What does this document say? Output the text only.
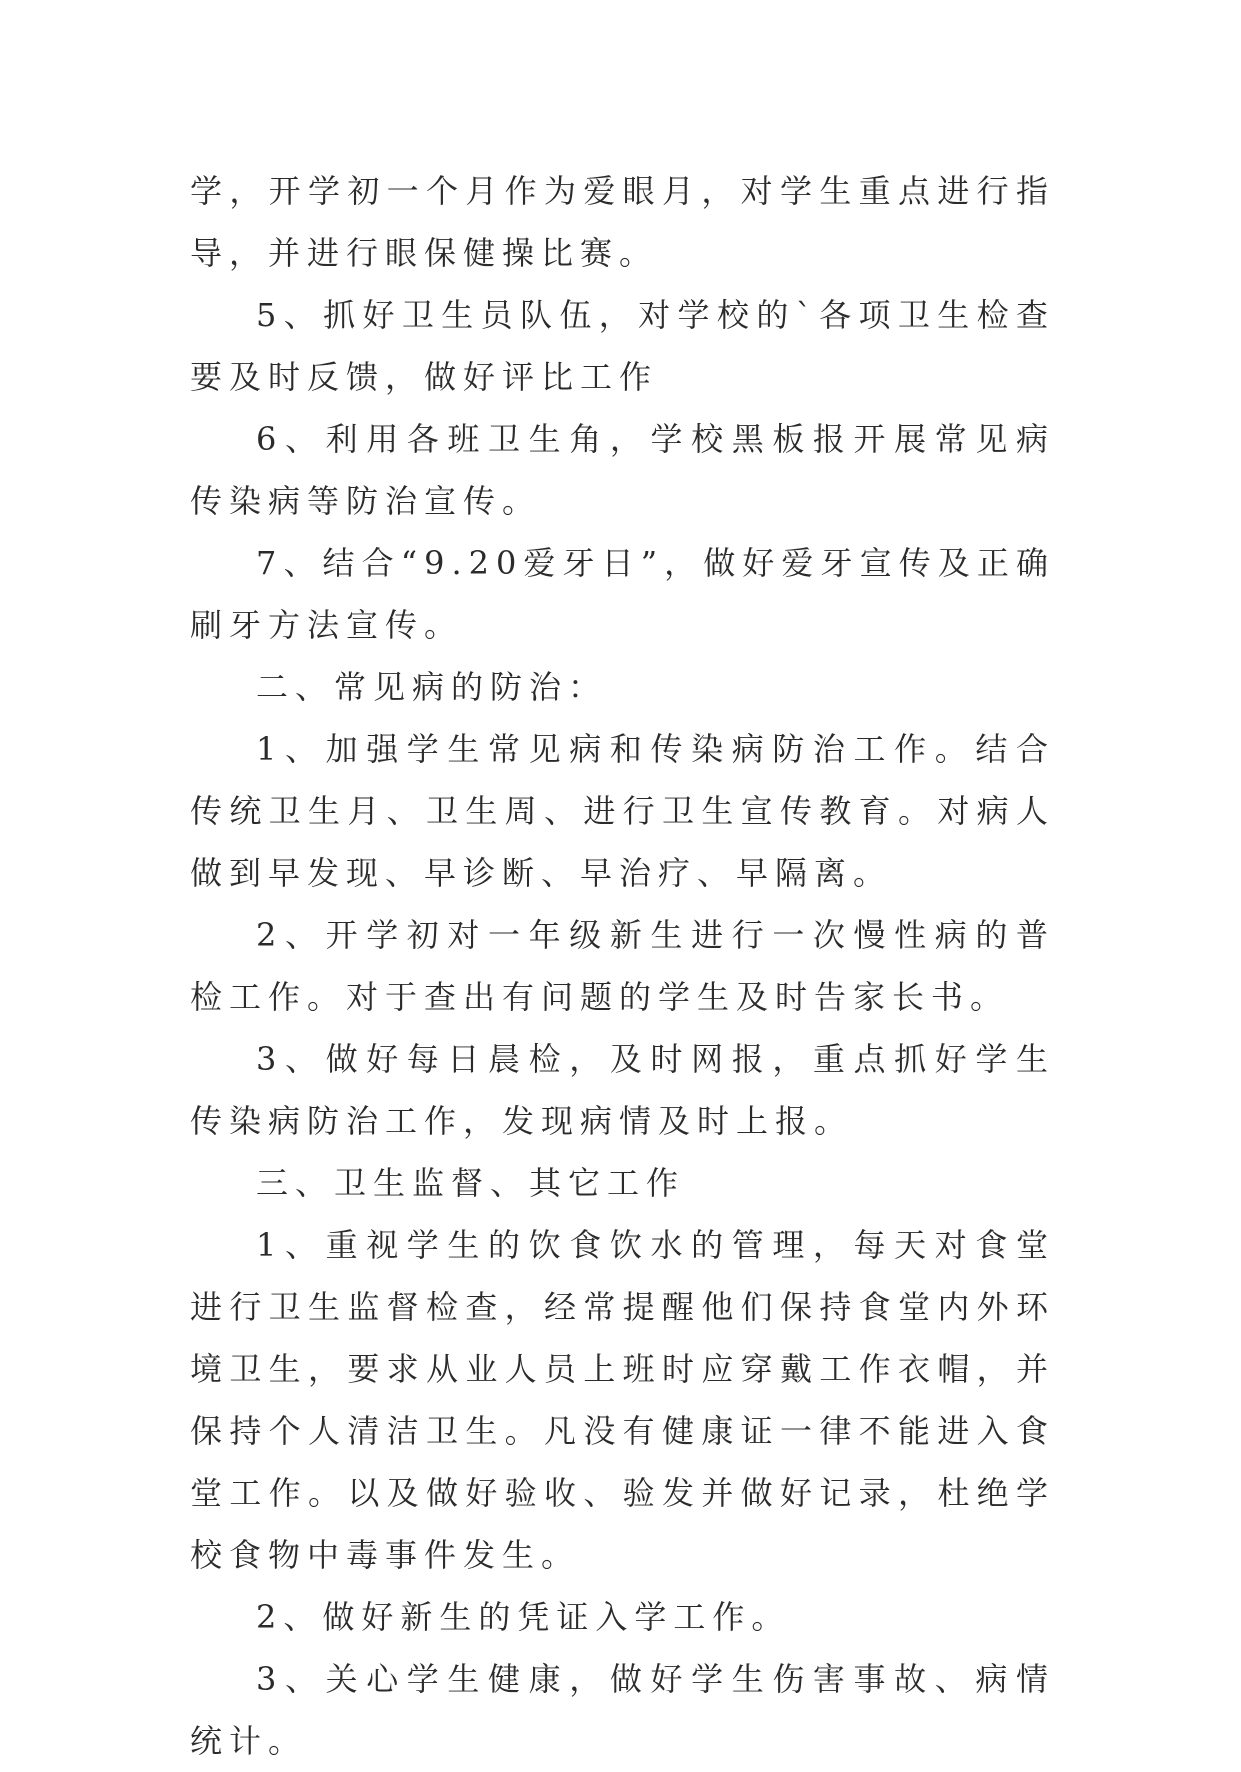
学，开学初一个月作为爱眼月，对学生重点进行指导，并进行眼保健操比赛。

5、抓好卫生员队伍，对学校的`各项卫生检查要及时反馈，做好评比工作

6、利用各班卫生角，学校黑板报开展常见病传染病等防治宣传。

7、结合“9.20爱牙日”，做好爱牙宣传及正确刷牙方法宣传。

二、常见病的防治：

1、加强学生常见病和传染病防治工作。结合传统卫生月、卫生周、进行卫生宣传教育。对病人做到早发现、早诊断、早治疗、早隔离。

2、开学初对一年级新生进行一次慢性病的普检工作。对于查出有问题的学生及时告家长书。

3、做好每日晨检，及时网报，重点抓好学生传染病防治工作，发现病情及时上报。

三、卫生监督、其它工作

1、重视学生的饮食饮水的管理，每天对食堂进行卫生监督检查，经常提醒他们保持食堂内外环境卫生，要求从业人员上班时应穿戴工作衣帽，并保持个人清洁卫生。凡没有健康证一律不能进入食堂工作。以及做好验收、验发并做好记录，杜绝学校食物中毒事件发生。

2、做好新生的凭证入学工作。

3、关心学生健康，做好学生伤害事故、病情统计。
